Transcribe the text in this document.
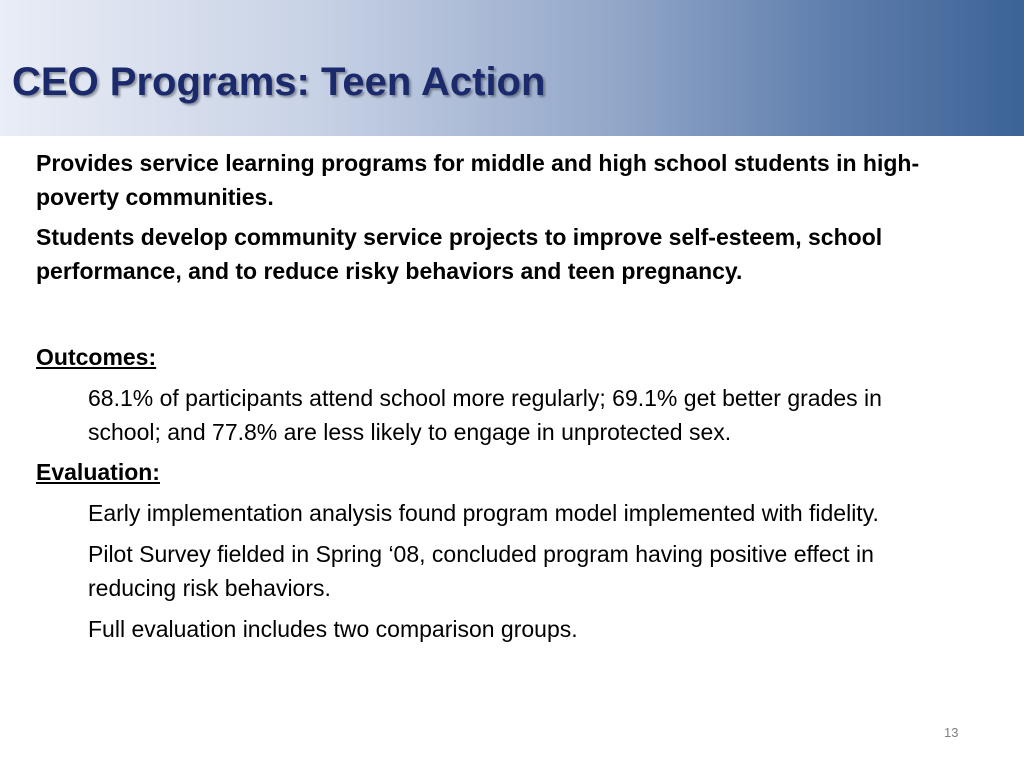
CEO Programs: Teen Action

Provides service learning programs for middle and high school students in high-poverty communities.

Students develop community service projects to improve self-esteem, school performance, and to reduce risky behaviors and teen pregnancy.

Outcomes:

68.1% of participants attend school more regularly; 69.1% get better grades in school; and 77.8% are less likely to engage in unprotected sex.

Evaluation:

Early implementation analysis found program model implemented with fidelity.

Pilot Survey fielded in Spring ‘08, concluded program having positive effect in reducing risk behaviors.

Full evaluation includes two comparison groups.

13
